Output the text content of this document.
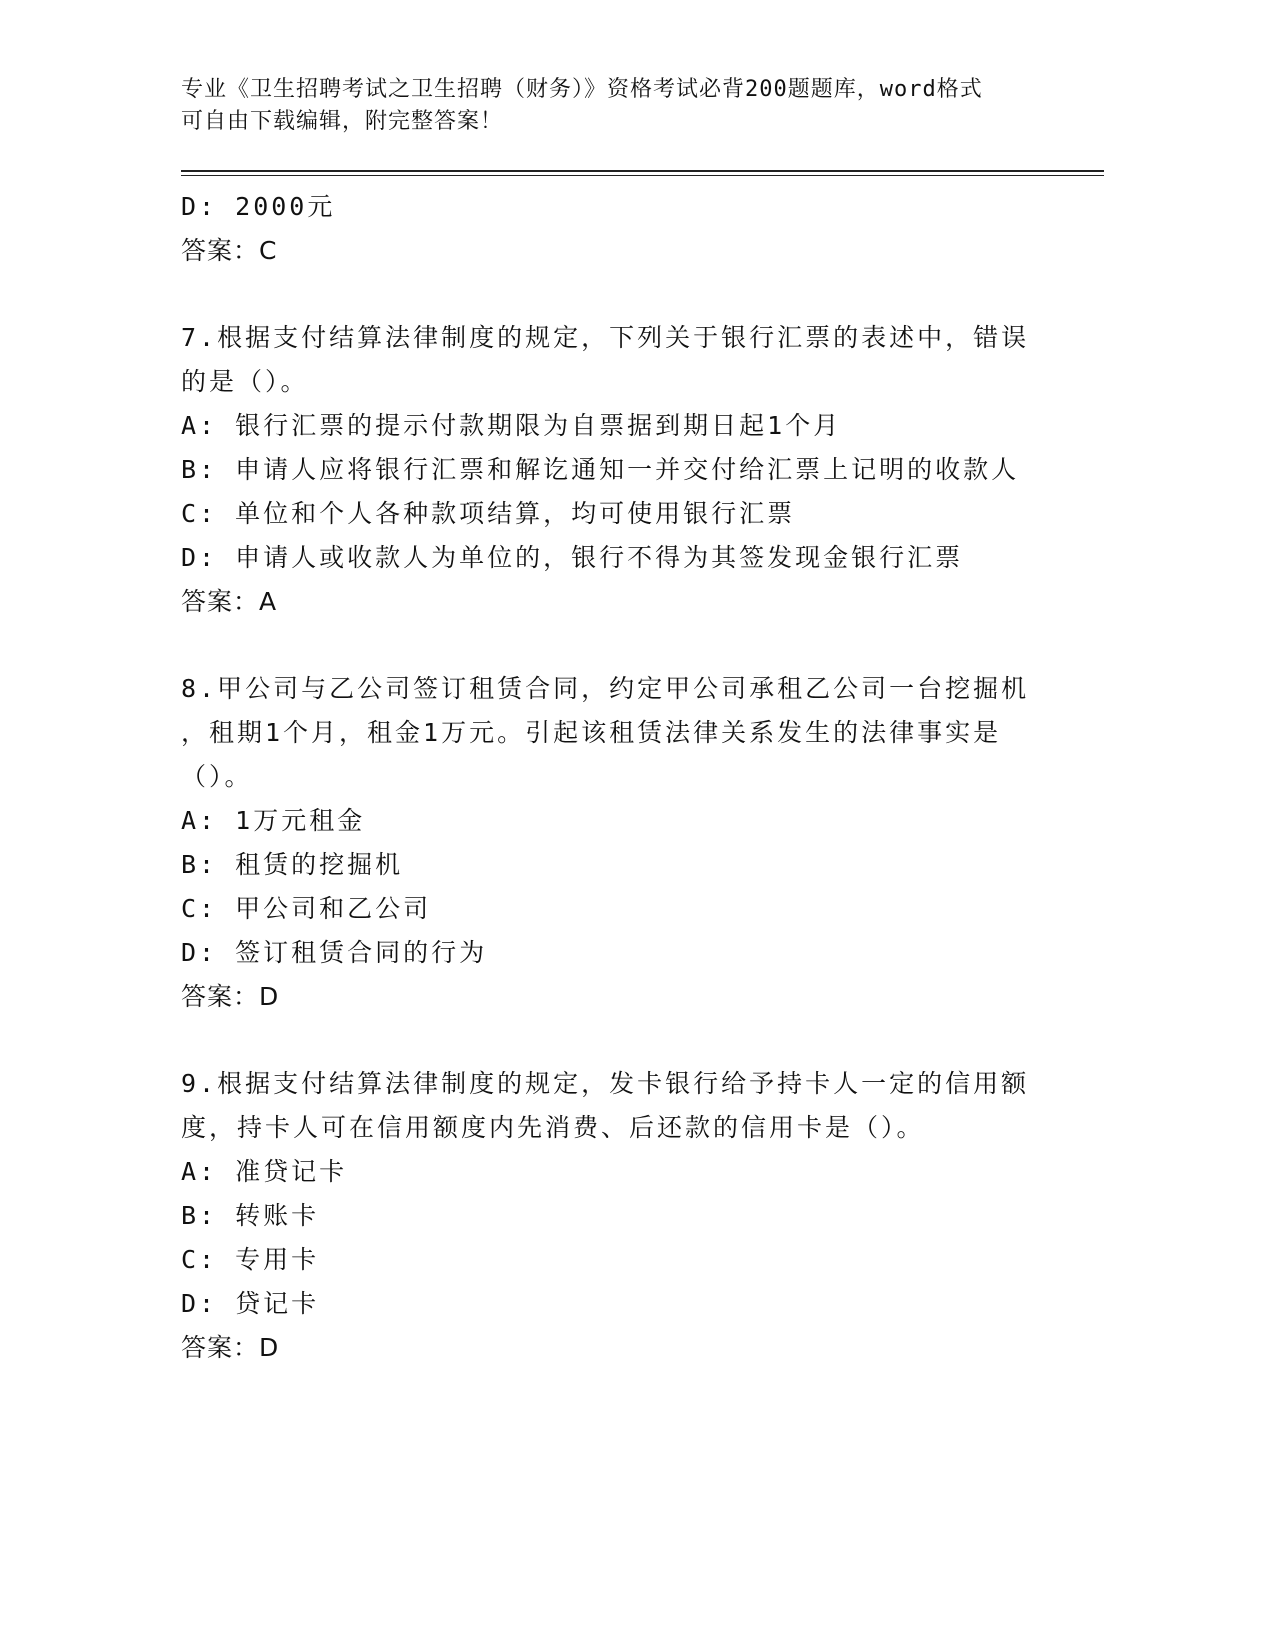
专业《卫生招聘考试之卫生招聘（财务）》资格考试必背200题题库，word格式
可自由下载编辑，附完整答案！
D: 2000元
答案：C
7.根据支付结算法律制度的规定，下列关于银行汇票的表述中，错误
的是（）。
A: 银行汇票的提示付款期限为自票据到期日起1个月
B: 申请人应将银行汇票和解讫通知一并交付给汇票上记明的收款人
C: 单位和个人各种款项结算，均可使用银行汇票
D: 申请人或收款人为单位的，银行不得为其签发现金银行汇票
答案：A
8.甲公司与乙公司签订租赁合同，约定甲公司承租乙公司一台挖掘机
，租期1个月，租金1万元。引起该租赁法律关系发生的法律事实是
（）。
A: 1万元租金
B: 租赁的挖掘机
C: 甲公司和乙公司
D: 签订租赁合同的行为
答案：D
9.根据支付结算法律制度的规定，发卡银行给予持卡人一定的信用额
度，持卡人可在信用额度内先消费、后还款的信用卡是（）。
A: 准贷记卡
B: 转账卡
C: 专用卡
D: 贷记卡
答案：D
